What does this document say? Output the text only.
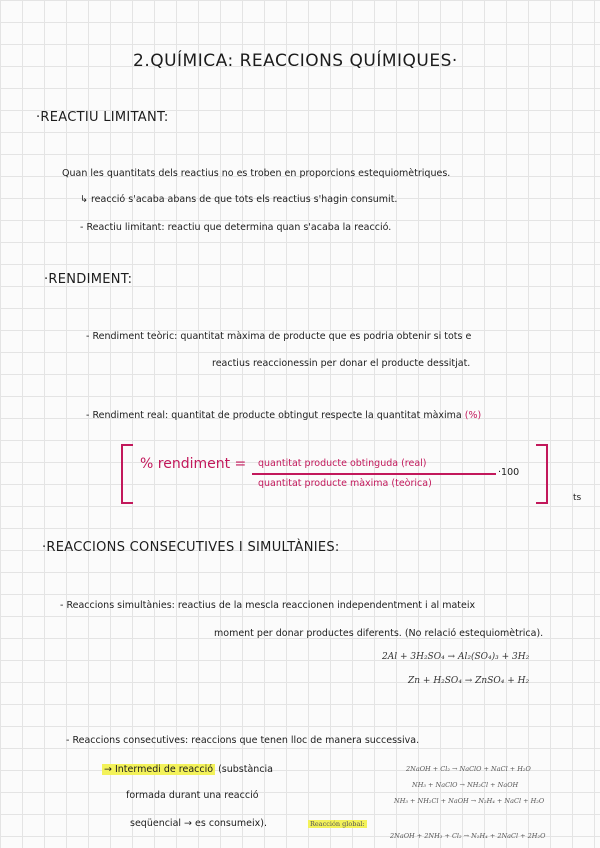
2.QUÍMICA: REACCIONS QUÍMIQUES·
·REACTIU LIMITANT:
Quan les quantitats dels reactius no es troben en proporcions estequiomètriques.
↳ reacció s'acaba abans de que tots els reactius s'hagin consumit.
- Reactiu limitant: reactiu que determina quan s'acaba la reacció.
·RENDIMENT:
- Rendiment teòric: quantitat màxima de producte que es podria obtenir si tots e
reactius reaccionessin per donar el producte dessitjat.
- Rendiment real: quantitat de producte obtingut respecte la quantitat màxima (%)
% rendiment = quantitat producte obtinguda (real)
quantitat producte màxima (teòrica)
·100
ts
·REACCIONS CONSECUTIVES I SIMULTÀNIES:
- Reaccions simultànies: reactius de la mescla reaccionen independentment i al mateix
moment per donar productes diferents. (No relació estequiomètrica).
2Al + 3H₂SO₄ → Al₂(SO₄)₃ + 3H₂
Zn + H₂SO₄ → ZnSO₄ + H₂
- Reaccions consecutives: reaccions que tenen lloc de manera successiva.
→ Intermedi de reacció (substància
formada durant una reacció
seqüencial → es consumeix).
2NaOH + Cl₂ → NaClO + NaCl + H₂O
NH₃ + NaClO → NH₂Cl + NaOH
NH₃ + NH₂Cl + NaOH → N₂H₄ + NaCl + H₂O
Reacción global:
2NaOH + 2NH₃ + Cl₂ → N₂H₄ + 2NaCl + 2H₂O
